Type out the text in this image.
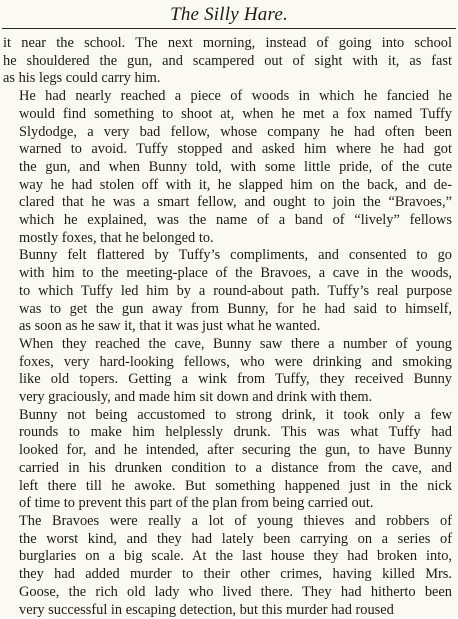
The Silly Hare.

it near the school. The next morning, instead of going into school
he shouldered the gun, and scampered out of sight with it, as fast
as his legs could carry him.

He had nearly reached a piece of woods in which he fancied he
would find something to shoot at, when he met a fox named Tuffy
Slydodge, a very bad fellow, whose company he had often been
warned to avoid. Tuffy stopped and asked him where he had got
the gun, and when Bunny told, with some little pride, of the cute
way he had stolen off with it, he slapped him on the back, and de-
clared that he was a smart fellow, and ought to join the “Bravoes,”
which he explained, was the name of a band of “lively” fellows
mostly foxes, that he belonged to.

Bunny felt flattered by Tuffy’s compliments, and consented to go
with him to the meeting-place of the Bravoes, a cave in the woods,
to which Tuffy led him by a round-about path. Tuffy’s real purpose
was to get the gun away from Bunny, for he had said to himself,
as soon as he saw it, that it was just what he wanted.

When they reached the cave, Bunny saw there a number of young
foxes, very hard-looking fellows, who were drinking and smoking
like old topers. Getting a wink from Tuffy, they received Bunny
very graciously, and made him sit down and drink with them.

Bunny not being accustomed to strong drink, it took only a few
rounds to make him helplessly drunk. This was what Tuffy had
looked for, and he intended, after securing the gun, to have Bunny
carried in his drunken condition to a distance from the cave, and
left there till he awoke. But something happened just in the nick
of time to prevent this part of the plan from being carried out.

The Bravoes were really a lot of young thieves and robbers of
the worst kind, and they had lately been carrying on a series of
burglaries on a big scale. At the last house they had broken into,
they had added murder to their other crimes, having killed Mrs.
Goose, the rich old lady who lived there. They had hitherto been
very successful in escaping detection, but this murder had roused
